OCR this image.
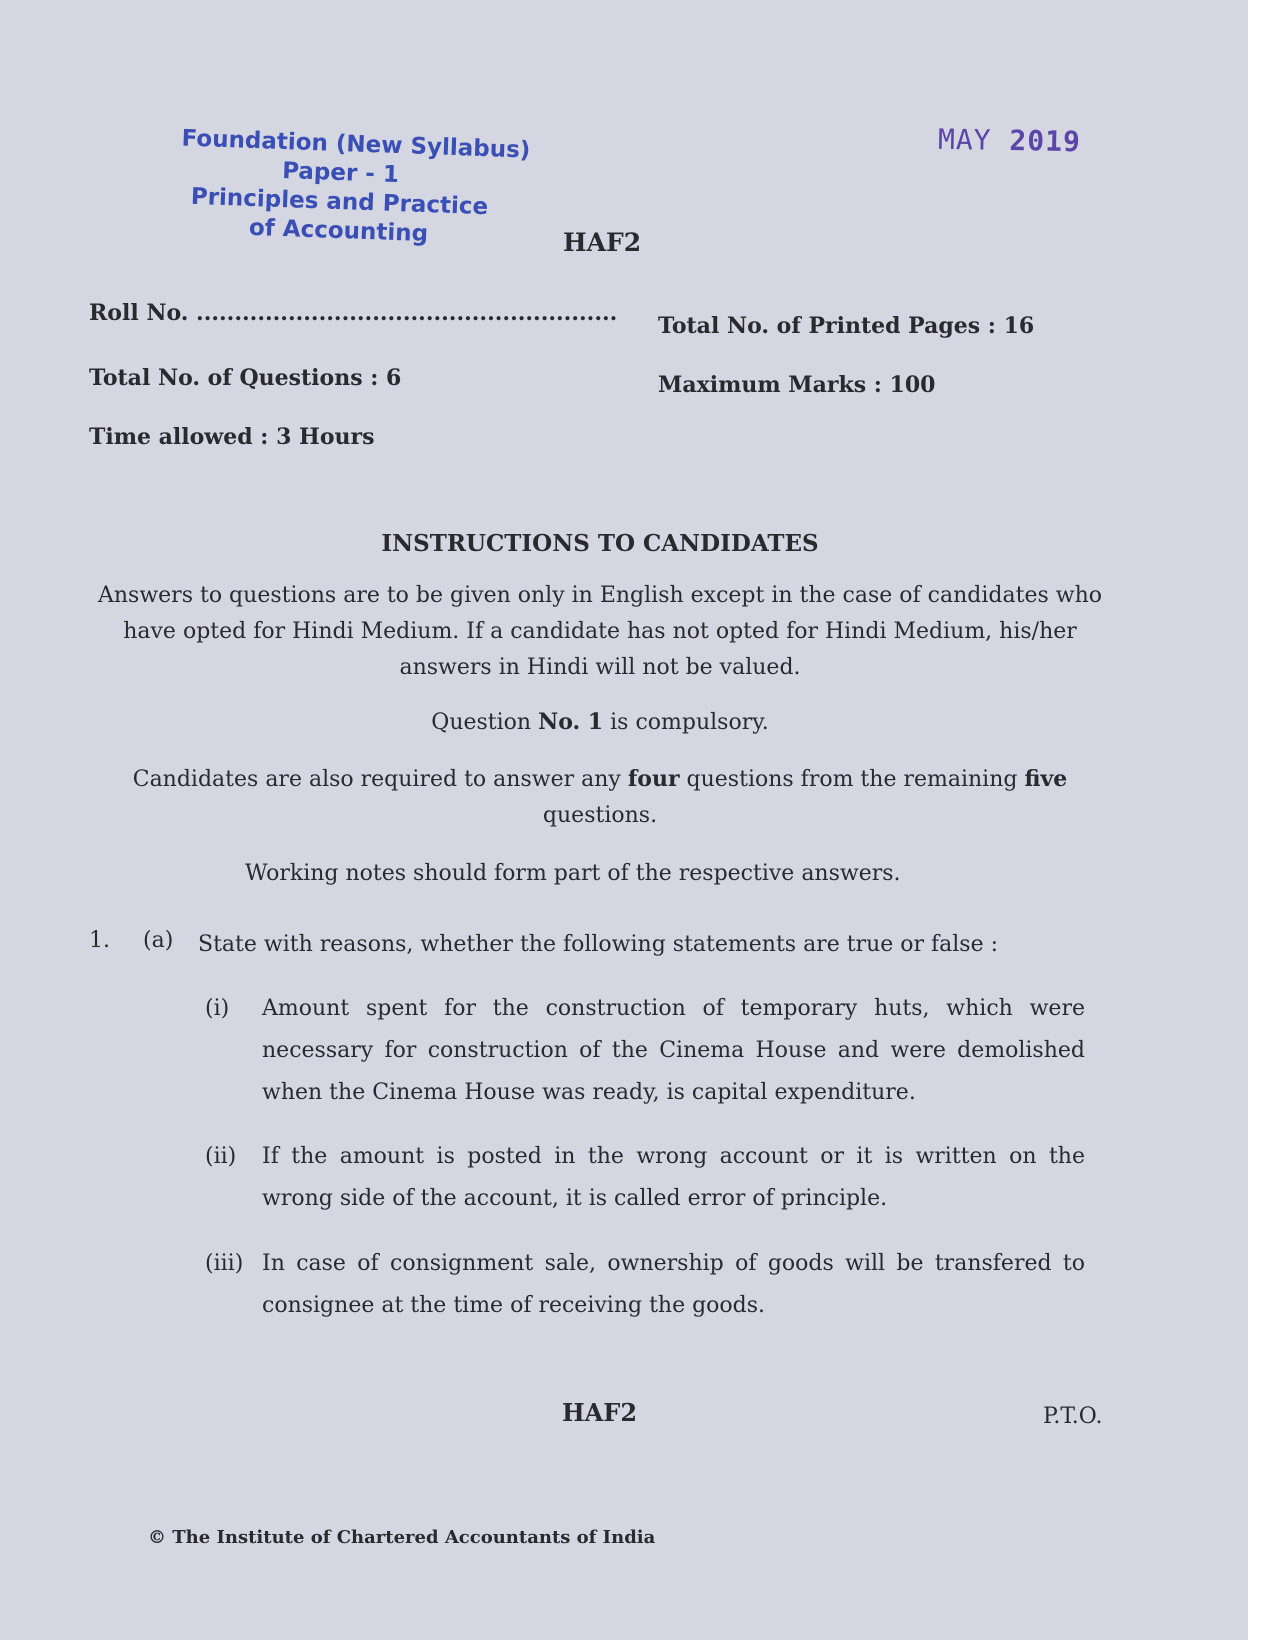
Foundation (New Syllabus)
Paper - 1
Principles and Practice
of Accounting
MAY 2019
HAF2
Roll No. ....................................................... Total No. of Printed Pages : 16
Total No. of Questions : 6	Maximum Marks : 100
Time allowed : 3 Hours
INSTRUCTIONS TO CANDIDATES
Answers to questions are to be given only in English except in the case of candidates who have opted for Hindi Medium. If a candidate has not opted for Hindi Medium, his/her answers in Hindi will not be valued.
Question No. 1 is compulsory.
Candidates are also required to answer any four questions from the remaining five questions.
Working notes should form part of the respective answers.
1. (a) State with reasons, whether the following statements are true or false :
(i) Amount spent for the construction of temporary huts, which were necessary for construction of the Cinema House and were demolished when the Cinema House was ready, is capital expenditure.
(ii) If the amount is posted in the wrong account or it is written on the wrong side of the account, it is called error of principle.
(iii) In case of consignment sale, ownership of goods will be transfered to consignee at the time of receiving the goods.
HAF2	P.T.O.
© The Institute of Chartered Accountants of India
